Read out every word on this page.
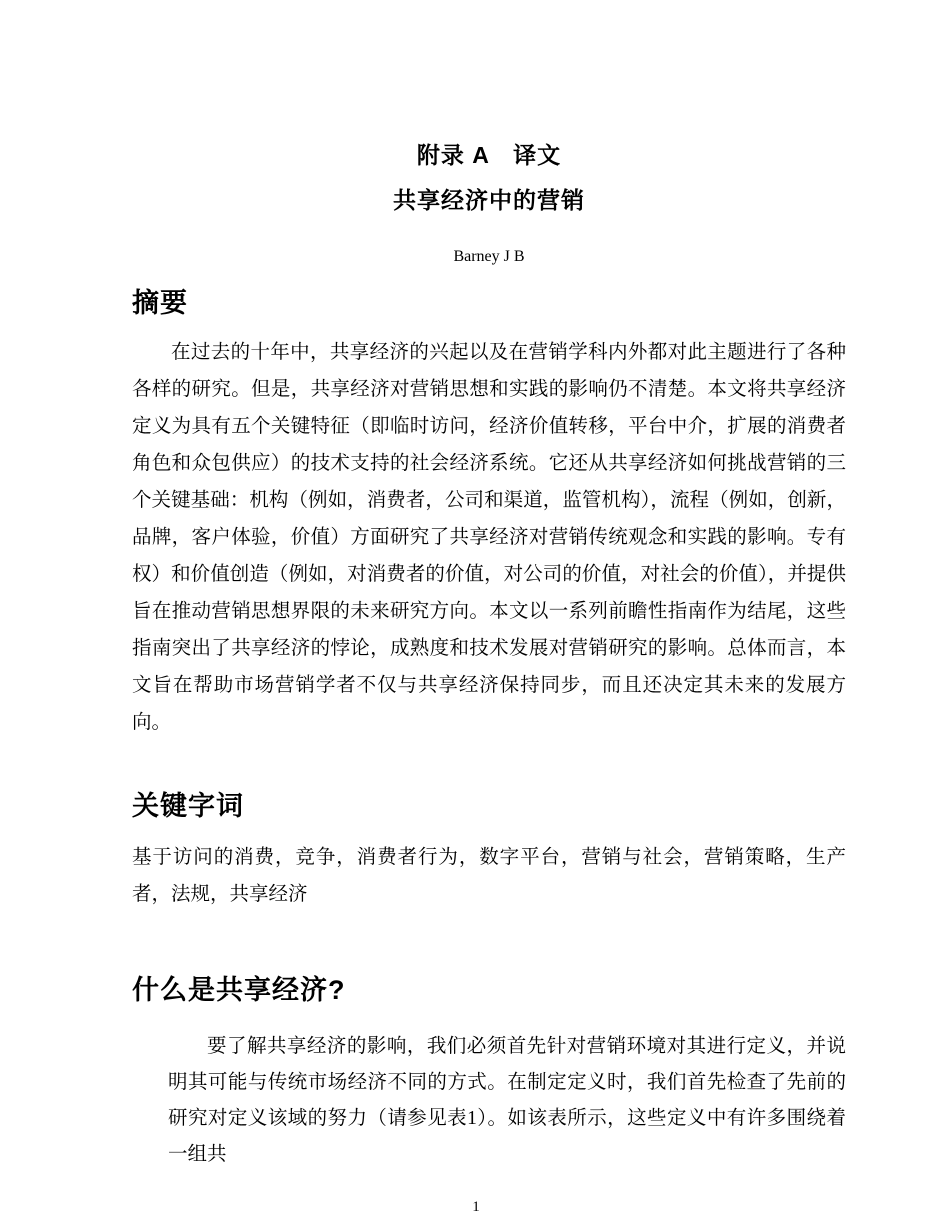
附录 A　译文
共享经济中的营销
Barney J B
摘要
在过去的十年中，共享经济的兴起以及在营销学科内外都对此主题进行了各种各样的研究。但是，共享经济对营销思想和实践的影响仍不清楚。本文将共享经济定义为具有五个关键特征（即临时访问，经济价值转移，平台中介，扩展的消费者角色和众包供应）的技术支持的社会经济系统。它还从共享经济如何挑战营销的三个关键基础：机构（例如，消费者，公司和渠道，监管机构），流程（例如，创新，品牌，客户体验，价值）方面研究了共享经济对营销传统观念和实践的影响。专有权）和价值创造（例如，对消费者的价值，对公司的价值，对社会的价值），并提供旨在推动营销思想界限的未来研究方向。本文以一系列前瞻性指南作为结尾，这些指南突出了共享经济的悖论，成熟度和技术发展对营销研究的影响。总体而言，本文旨在帮助市场营销学者不仅与共享经济保持同步，而且还决定其未来的发展方向。
关键字词
基于访问的消费，竞争，消费者行为，数字平台，营销与社会，营销策略，生产者，法规，共享经济
什么是共享经济?
要了解共享经济的影响，我们必须首先针对营销环境对其进行定义，并说明其可能与传统市场经济不同的方式。在制定定义时，我们首先检查了先前的研究对定义该域的努力（请参见表1）。如该表所示，这些定义中有许多围绕着一组共
1
